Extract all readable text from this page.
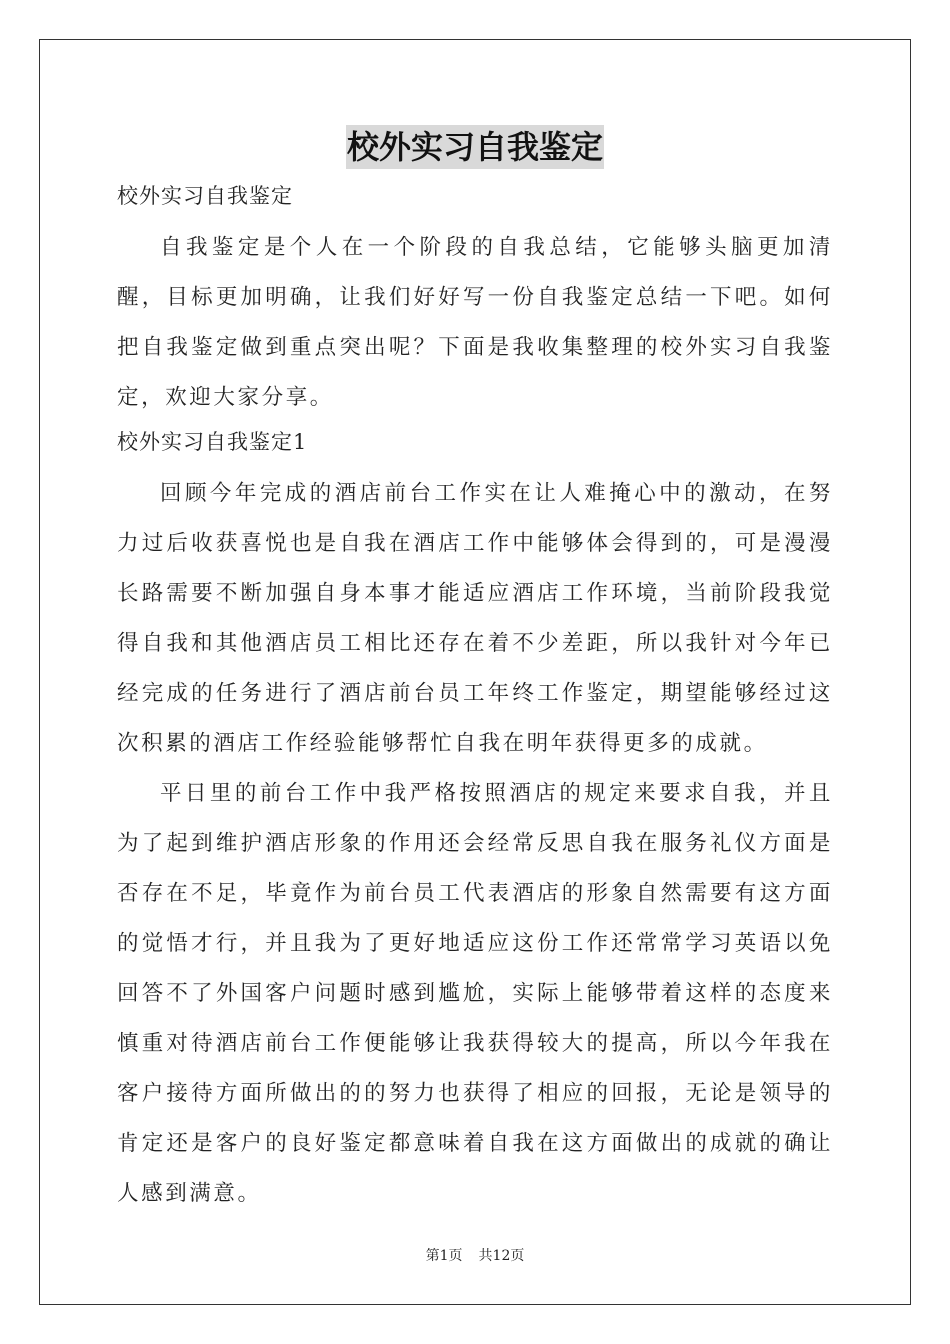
校外实习自我鉴定
校外实习自我鉴定

自我鉴定是个人在一个阶段的自我总结，它能够头脑更加清醒，目标更加明确，让我们好好写一份自我鉴定总结一下吧。如何把自我鉴定做到重点突出呢？下面是我收集整理的校外实习自我鉴定，欢迎大家分享。

校外实习自我鉴定1

回顾今年完成的酒店前台工作实在让人难掩心中的激动，在努力过后收获喜悦也是自我在酒店工作中能够体会得到的，可是漫漫长路需要不断加强自身本事才能适应酒店工作环境，当前阶段我觉得自我和其他酒店员工相比还存在着不少差距，所以我针对今年已经完成的任务进行了酒店前台员工年终工作鉴定，期望能够经过这次积累的酒店工作经验能够帮忙自我在明年获得更多的成就。

平日里的前台工作中我严格按照酒店的规定来要求自我，并且为了起到维护酒店形象的作用还会经常反思自我在服务礼仪方面是否存在不足，毕竟作为前台员工代表酒店的形象自然需要有这方面的觉悟才行，并且我为了更好地适应这份工作还常常学习英语以免回答不了外国客户问题时感到尴尬，实际上能够带着这样的态度来慎重对待酒店前台工作便能够让我获得较大的提高，所以今年我在客户接待方面所做出的的努力也获得了相应的回报，无论是领导的肯定还是客户的良好鉴定都意味着自我在这方面做出的成就的确让人感到满意。

第1页 共12页
